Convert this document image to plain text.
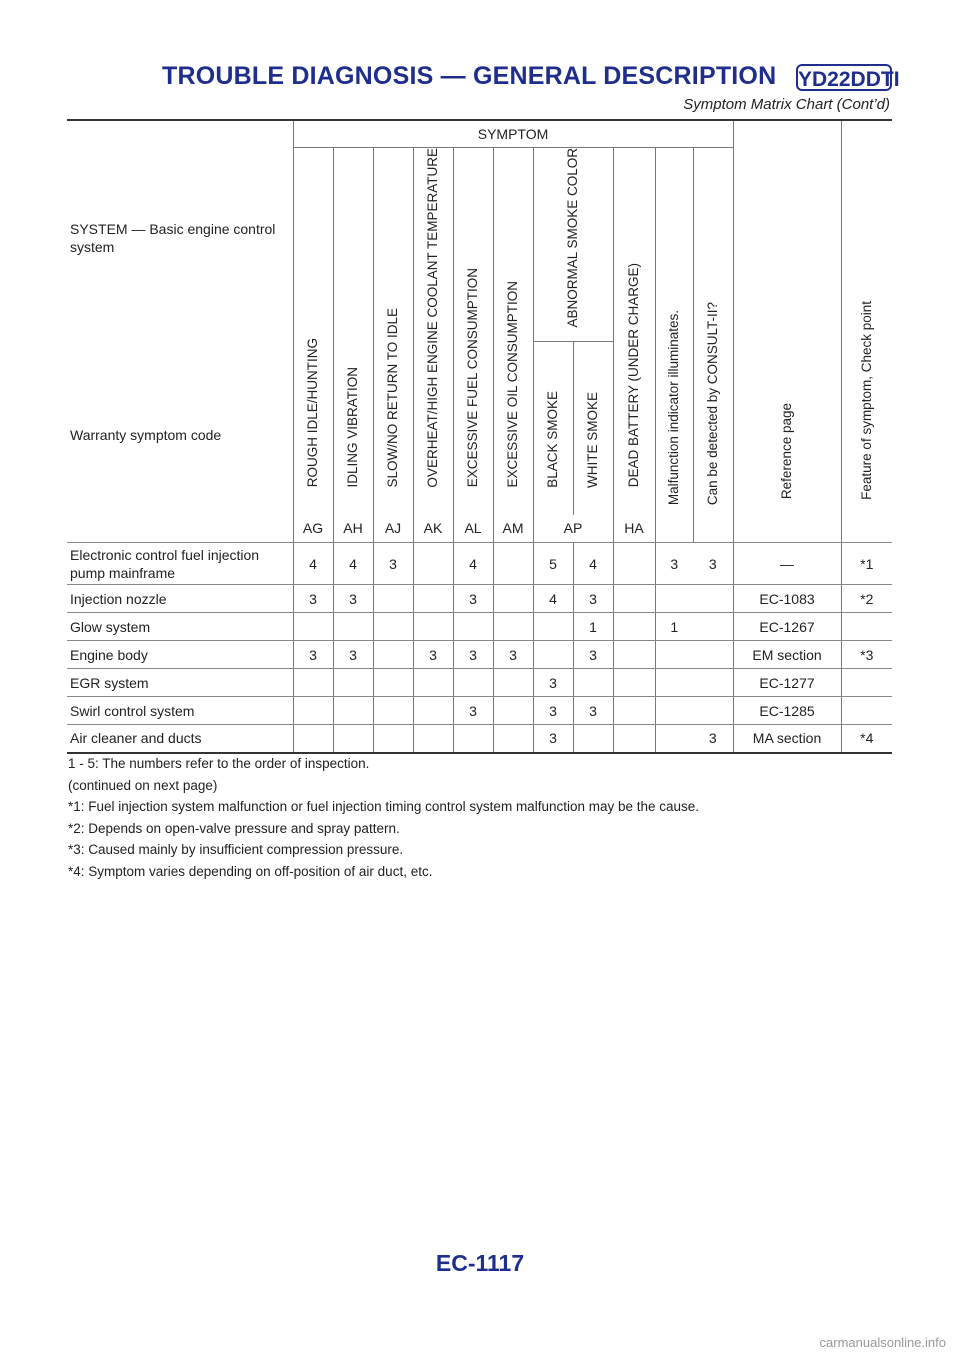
TROUBLE DIAGNOSIS — GENERAL DESCRIPTION YD22DDTI
Symptom Matrix Chart (Cont’d)
SYSTEM — Basic engine control system	SYMPTOM											Reference page	Feature of symptom, Check point
	ROUGH IDLE/HUNTING	IDLING VIBRATION	SLOW/NO RETURN TO IDLE	OVERHEAT/HIGH ENGINE COOLANT TEMPERATURE	EXCESSIVE FUEL CONSUMPTION	EXCESSIVE OIL CONSUMPTION	ABNORMAL SMOKE COLOR		DEAD BATTERY (UNDER CHARGE)	Malfunction indicator illuminates.	Can be detected by CONSULT-II?		
							BLACK SMOKE	WHITE SMOKE					
Warranty symptom code													
	AG	AH	AJ	AK	AL	AM	AP		HA				
Electronic control fuel injection pump mainframe	4	4	3		4		5	4		3	3	—	*1
Injection nozzle	3	3			3		4	3				EC-1083	*2
Glow system								1		1		EC-1267	
Engine body	3	3		3	3	3		3				EM section	*3
EGR system							3					EC-1277	
Swirl control system					3		3	3				EC-1285	
Air cleaner and ducts							3				3	MA section	*4
1 - 5: The numbers refer to the order of inspection.
(continued on next page)
*1: Fuel injection system malfunction or fuel injection timing control system malfunction may be the cause.
*2: Depends on open-valve pressure and spray pattern.
*3: Caused mainly by insufficient compression pressure.
*4: Symptom varies depending on off-position of air duct, etc.
EC-1117
carmanualsonline.info
